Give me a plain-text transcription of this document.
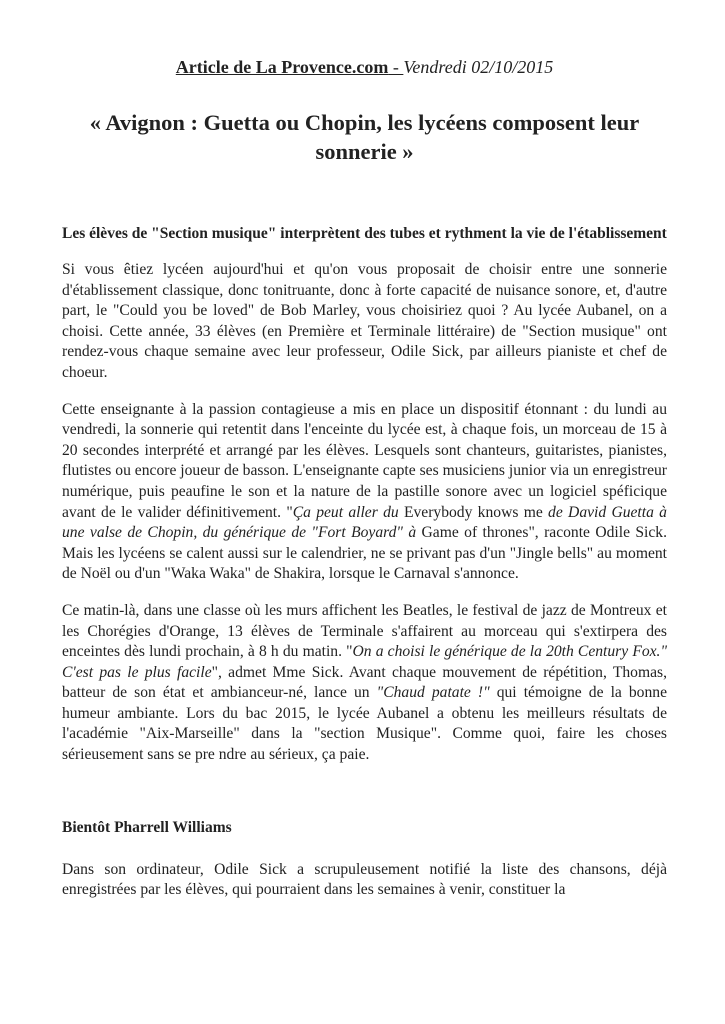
Article de La Provence.com - Vendredi 02/10/2015

« Avignon : Guetta ou Chopin, les lycéens composent leur sonnerie »

Les élèves de "Section musique" interprètent des tubes et rythment la vie de l'établissement

Si vous êtiez lycéen aujourd'hui et qu'on vous proposait de choisir entre une sonnerie d'établissement classique, donc tonitruante, donc à forte capacité de nuisance sonore, et, d'autre part, le "Could you be loved" de Bob Marley, vous choisiriez quoi ? Au lycée Aubanel, on a choisi. Cette année, 33 élèves (en Première et Terminale littéraire) de "Section musique" ont rendez-vous chaque semaine avec leur professeur, Odile Sick, par ailleurs pianiste et chef de choeur.

Cette enseignante à la passion contagieuse a mis en place un dispositif étonnant : du lundi au vendredi, la sonnerie qui retentit dans l'enceinte du lycée est, à chaque fois, un morceau de 15 à 20 secondes interprété et arrangé par les élèves. Lesquels sont chanteurs, guitaristes, pianistes, flutistes ou encore joueur de basson. L'enseignante capte ses musiciens junior via un enregistreur numérique, puis peaufine le son et la nature de la pastille sonore avec un logiciel spéficique avant de le valider définitivement. "Ça peut aller du Everybody knows me de David Guetta à une valse de Chopin, du générique de "Fort Boyard" à Game of thrones", raconte Odile Sick. Mais les lycéens se calent aussi sur le calendrier, ne se privant pas d'un "Jingle bells" au moment de Noël ou d'un "Waka Waka" de Shakira, lorsque le Carnaval s'annonce.

Ce matin-là, dans une classe où les murs affichent les Beatles, le festival de jazz de Montreux et les Chorégies d'Orange, 13 élèves de Terminale s'affairent au morceau qui s'extirpera des enceintes dès lundi prochain, à 8 h du matin. "On a choisi le générique de la 20th Century Fox." C'est pas le plus facile", admet Mme Sick. Avant chaque mouvement de répétition, Thomas, batteur de son état et ambianceur-né, lance un "Chaud patate !" qui témoigne de la bonne humeur ambiante. Lors du bac 2015, le lycée Aubanel a obtenu les meilleurs résultats de l'académie "Aix-Marseille" dans la "section Musique". Comme quoi, faire les choses sérieusement sans se pre ndre au sérieux, ça paie.

Bientôt Pharrell Williams

Dans son ordinateur, Odile Sick a scrupuleusement notifié la liste des chansons, déjà enregistrées par les élèves, qui pourraient dans les semaines à venir, constituer la
